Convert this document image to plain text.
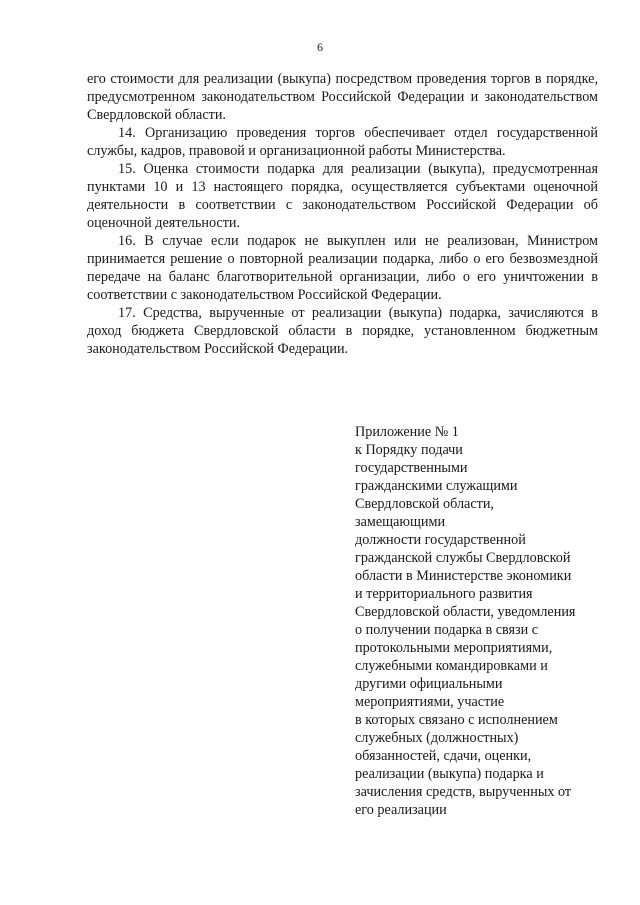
6

его стоимости для реализации (выкупа) посредством проведения торгов в порядке, предусмотренном законодательством Российской Федерации и законодательством Свердловской области.

14. Организацию проведения торгов обеспечивает отдел государственной службы, кадров, правовой и организационной работы Министерства.

15. Оценка стоимости подарка для реализации (выкупа), предусмотренная пунктами 10 и 13 настоящего порядка, осуществляется субъектами оценочной деятельности в соответствии с законодательством Российской Федерации об оценочной деятельности.

16. В случае если подарок не выкуплен или не реализован, Министром принимается решение о повторной реализации подарка, либо о его безвозмездной передаче на баланс благотворительной организации, либо о его уничтожении в соответствии с законодательством Российской Федерации.

17. Средства, вырученные от реализации (выкупа) подарка, зачисляются в доход бюджета Свердловской области в порядке, установленном бюджетным законодательством Российской Федерации.

Приложение № 1
к Порядку подачи
государственными
гражданскими служащими
Свердловской области,
замещающими
должности государственной
гражданской службы Свердловской
области в Министерстве экономики
и территориального развития
Свердловской области, уведомления
о получении подарка в связи с
протокольными мероприятиями,
служебными командировками и
другими официальными
мероприятиями, участие
в которых связано с исполнением
служебных (должностных)
обязанностей, сдачи, оценки,
реализации (выкупа) подарка и
зачисления средств, вырученных от
его реализации
